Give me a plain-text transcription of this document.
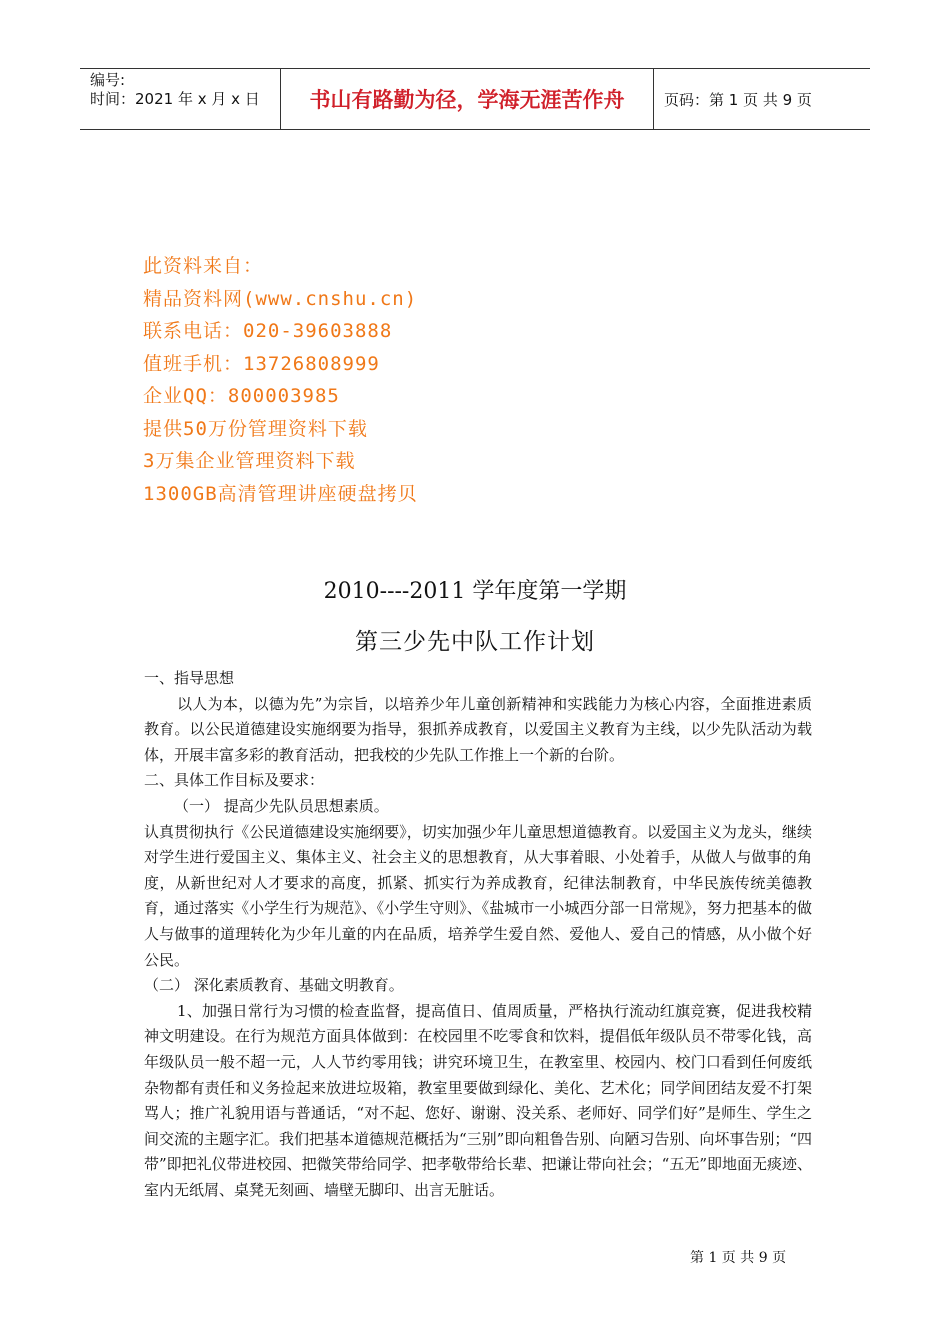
编号:
时间：2021 年 x 月 x 日	书山有路勤为径，学海无涯苦作舟	页码：第 1 页 共 9 页
此资料来自：
精品资料网(www.cnshu.cn)
联系电话：020-39603888
值班手机：13726808999
企业QQ：800003985
提供50万份管理资料下载
3万集企业管理资料下载
1300GB高清管理讲座硬盘拷贝
2010----2011 学年度第一学期
第三少先中队工作计划

一、指导思想

以人为本，以德为先”为宗旨，以培养少年儿童创新精神和实践能力为核心内容，全面推进素质教育。以公民道德建设实施纲要为指导，狠抓养成教育，以爱国主义教育为主线，以少先队活动为载体，开展丰富多彩的教育活动，把我校的少先队工作推上一个新的台阶。

二、具体工作目标及要求：

（一） 提高少先队员思想素质。

认真贯彻执行《公民道德建设实施纲要》，切实加强少年儿童思想道德教育。以爱国主义为龙头，继续对学生进行爱国主义、集体主义、社会主义的思想教育，从大事着眼、小处着手，从做人与做事的角度，从新世纪对人才要求的高度，抓紧、抓实行为养成教育，纪律法制教育，中华民族传统美德教育，通过落实《小学生行为规范》、《小学生守则》、《盐城市一小城西分部一日常规》，努力把基本的做人与做事的道理转化为少年儿童的内在品质，培养学生爱自然、爱他人、爱自己的情感，从小做个好公民。

（二） 深化素质教育、基础文明教育。

1、加强日常行为习惯的检查监督，提高值日、值周质量，严格执行流动红旗竞赛，促进我校精神文明建设。在行为规范方面具体做到：在校园里不吃零食和饮料，提倡低年级队员不带零化钱，高年级队员一般不超一元，人人节约零用钱；讲究环境卫生，在教室里、校园内、校门口看到任何废纸杂物都有责任和义务捡起来放进垃圾箱，教室里要做到绿化、美化、艺术化；同学间团结友爱不打架骂人；推广礼貌用语与普通话，“对不起、您好、谢谢、没关系、老师好、同学们好”是师生、学生之间交流的主题字汇。我们把基本道德规范概括为“三别”即向粗鲁告别、向陋习告别、向坏事告别；“四带”即把礼仪带进校园、把微笑带给同学、把孝敬带给长辈、把谦让带向社会；“五无”即地面无痰迹、室内无纸屑、桌凳无刻画、墙壁无脚印、出言无脏话。

第 1 页 共 9 页
